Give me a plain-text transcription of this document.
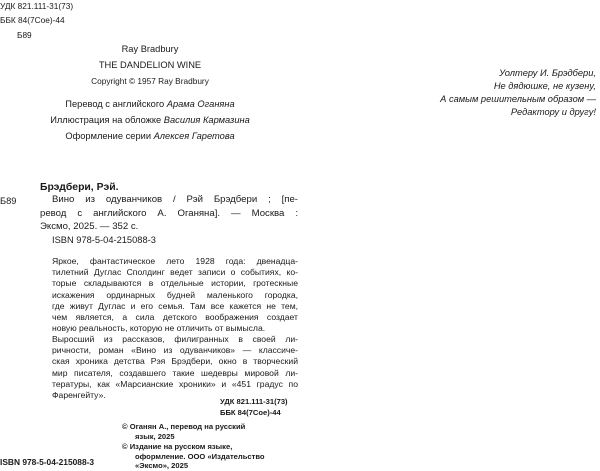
УДК 821.111-31(73)
ББК 84(7Сое)-44
Б89
Ray Bradbury
THE DANDELION WINE
Copyright © 1957 Ray Bradbury
Перевод с английского Арама Оганяна
Иллюстрация на обложке Василия Кармазина
Оформление серии Алексея Гаретова
Уолтеру И. Брэдбери,
Не дядюшке, не кузену,
А самым решительным образом —
Редактору и другу!
Брэдбери, Рэй.
Б89	Вино из одуванчиков / Рэй Брэдбери ; [пе-
ревод с английского А. Оганяна]. — Москва :
Эксмо, 2025. — 352 с.
ISBN 978-5-04-215088-3
Яркое, фантастическое лето 1928 года: двенадца-
тилетний Дуглас Сполдинг ведет записи о событиях, ко-
торые складываются в отдельные истории, гротескные
искажения ординарных будней маленького городка,
где живут Дуглас и его семья. Там все кажется не тем,
чем является, а сила детского воображения создает
новую реальность, которую не отличить от вымысла.
Выросший из рассказов, филигранных в своей ли-
ричности, роман «Вино из одуванчиков» — классиче-
ская хроника детства Рэя Брэдбери, окно в творческий
мир писателя, создавшего такие шедевры мировой ли-
тературы, как «Марсианские хроники» и «451 градус по
Фаренгейту».
УДК 821.111-31(73)
ББК 84(7Сое)-44
© Оганян А., перевод на русский
язык, 2025
© Издание на русском языке,
оформление. ООО «Издательство
«Эксмо», 2025
ISBN 978-5-04-215088-3
